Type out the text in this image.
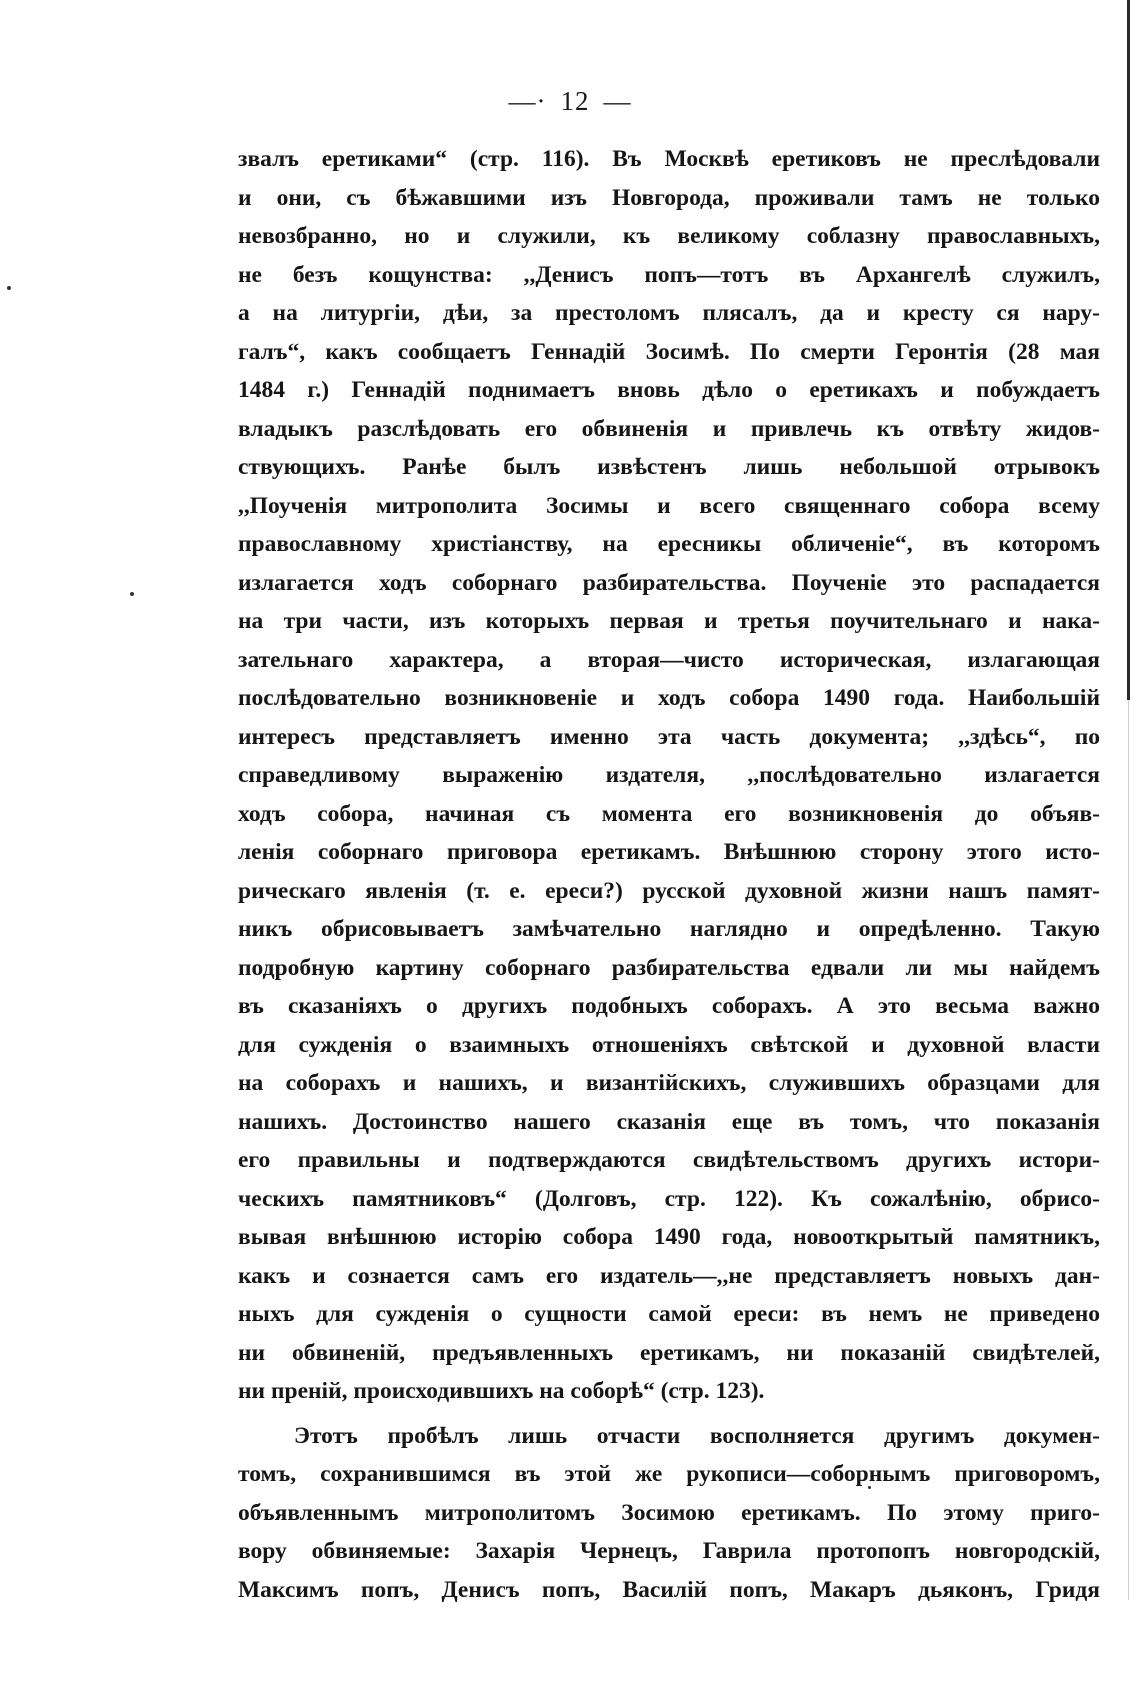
—· 12 —
звалъ еретиками“ (стр. 116). Въ Москвѣ еретиковъ не преслѣдовали
и они, съ бѣжавшими изъ Новгорода, проживали тамъ не только
невозбранно, но и служили, къ великому соблазну православныхъ,
не безъ кощунства: ,,Денисъ попъ—тотъ въ Архангелѣ служилъ,
а на литургіи, дѣи, за престоломъ плясалъ, да и кресту ся нару-
галъ“, какъ сообщаетъ Геннадій Зосимѣ. По смерти Геронтія (28 мая
1484 г.) Геннадій поднимаетъ вновь дѣло о еретикахъ и побуждаетъ
владыкъ разслѣдовать его обвиненія и привлечь къ отвѣту жидов-
ствующихъ. Ранѣе былъ извѣстенъ лишь небольшой отрывокъ
,,Поученія митрополита Зосимы и всего священнаго собора всему
православному христіанству, на ересникы обличеніе“, въ которомъ
излагается ходъ соборнаго разбирательства. Поученіе это распадается
на три части, изъ которыхъ первая и третья поучительнаго и нака-
зательнаго характера, а вторая—чисто историческая, излагающая
послѣдовательно возникновеніе и ходъ собора 1490 года. Наибольшій
интересъ представляетъ именно эта часть документа; ,,здѣсь“, по
справедливому выраженію издателя, ,,послѣдовательно излагается
ходъ собора, начиная съ момента его возникновенія до объяв-
ленія соборнаго приговора еретикамъ. Внѣшнюю сторону этого исто-
рическаго явленія (т. е. ереси?) русской духовной жизни нашъ памят-
никъ обрисовываетъ замѣчательно наглядно и опредѣленно. Такую
подробную картину соборнаго разбирательства едвали ли мы найдемъ
въ сказаніяхъ о другихъ подобныхъ соборахъ. А это весьма важно
для сужденія о взаимныхъ отношеніяхъ свѣтской и духовной власти
на соборахъ и нашихъ, и византійскихъ, служившихъ образцами для
нашихъ. Достоинство нашего сказанія еще въ томъ, что показанія
его правильны и подтверждаются свидѣтельствомъ другихъ истори-
ческихъ памятниковъ“ (Долговъ, стр. 122). Къ сожалѣнію, обрисо-
вывая внѣшнюю исторію собора 1490 года, новооткрытый памятникъ,
какъ и сознается самъ его издатель—,,не представляетъ новыхъ дан-
ныхъ для сужденія о сущности самой ереси: въ немъ не приведено
ни обвиненій, предъявленныхъ еретикамъ, ни показаній свидѣтелей,
ни преній, происходившихъ на соборѣ“ (стр. 123).
Этотъ пробѣлъ лишь отчасти восполняется другимъ докумен-
томъ, сохранившимся въ этой же рукописи—соборнымъ приговоромъ,
объявленнымъ митрополитомъ Зосимою еретикамъ. По этому приго-
вору обвиняемые: Захарія Чернецъ, Гаврила протопопъ новгородскій,
Максимъ попъ, Денисъ попъ, Василій попъ, Макаръ дьяконъ, Гридя
